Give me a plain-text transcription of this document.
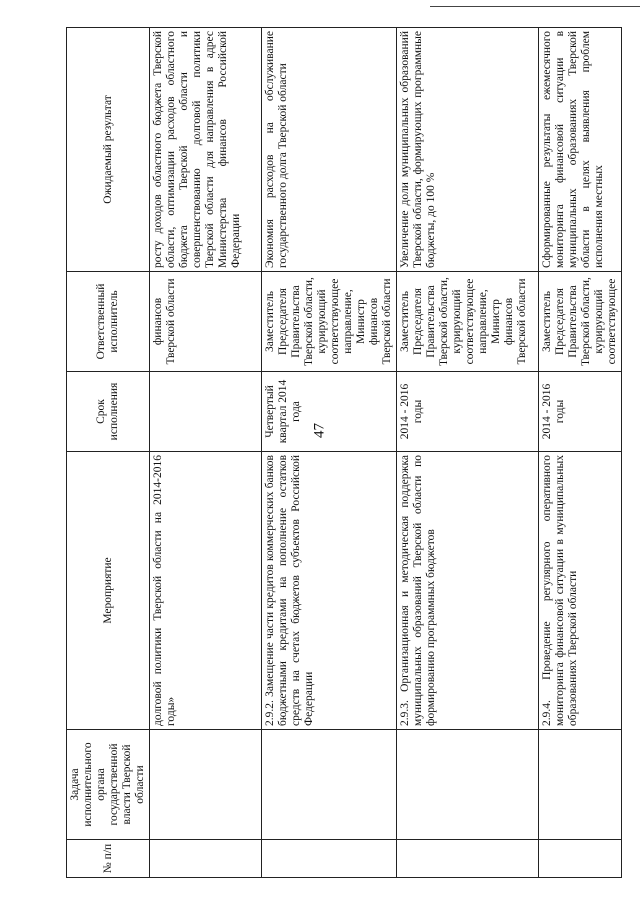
47
№ п/п	Задача исполнительного органа государственной власти Тверской области	Мероприятие	Срок исполнения	Ответственный исполнитель	Ожидаемый результат
		долговой политики Тверской области на 2014-2016 годы»		финансов Тверской области	росту доходов областного бюджета Тверской области, оптимизации расходов областного бюджета Тверской области и совершенствованию долговой политики Тверской области для направления в адрес Министерства финансов Российской Федерации
		2.9.2. Замещение части кредитов коммерческих банков бюджетными кредитами на пополнение остатков средств на счетах бюджетов субъектов Российской Федерации	Четвертый квартал 2014 года	Заместитель Председателя Правительства Тверской области, курирующий соответствующее направление, Министр финансов Тверской области	Экономия расходов на обслуживание государственного долга Тверской области
		2.9.3. Организационная и методическая поддержка муниципальных образований Тверской области по формированию программных бюджетов	2014 - 2016 годы	Заместитель Председателя Правительства Тверской области, курирующий соответствующее направление, Министр финансов Тверской области	Увеличение доли муниципальных образований Тверской области, формирующих программные бюджеты, до 100 %
		2.9.4. Проведение регулярного оперативного мониторинга финансовой ситуации в муниципальных образованиях Тверской области	2014 - 2016 годы	Заместитель Председателя Правительства Тверской области, курирующий соответствующее	Сформированные результаты ежемесячного мониторинга финансовой ситуации в муниципальных образованиях Тверской области в целях выявления проблем исполнения местных
